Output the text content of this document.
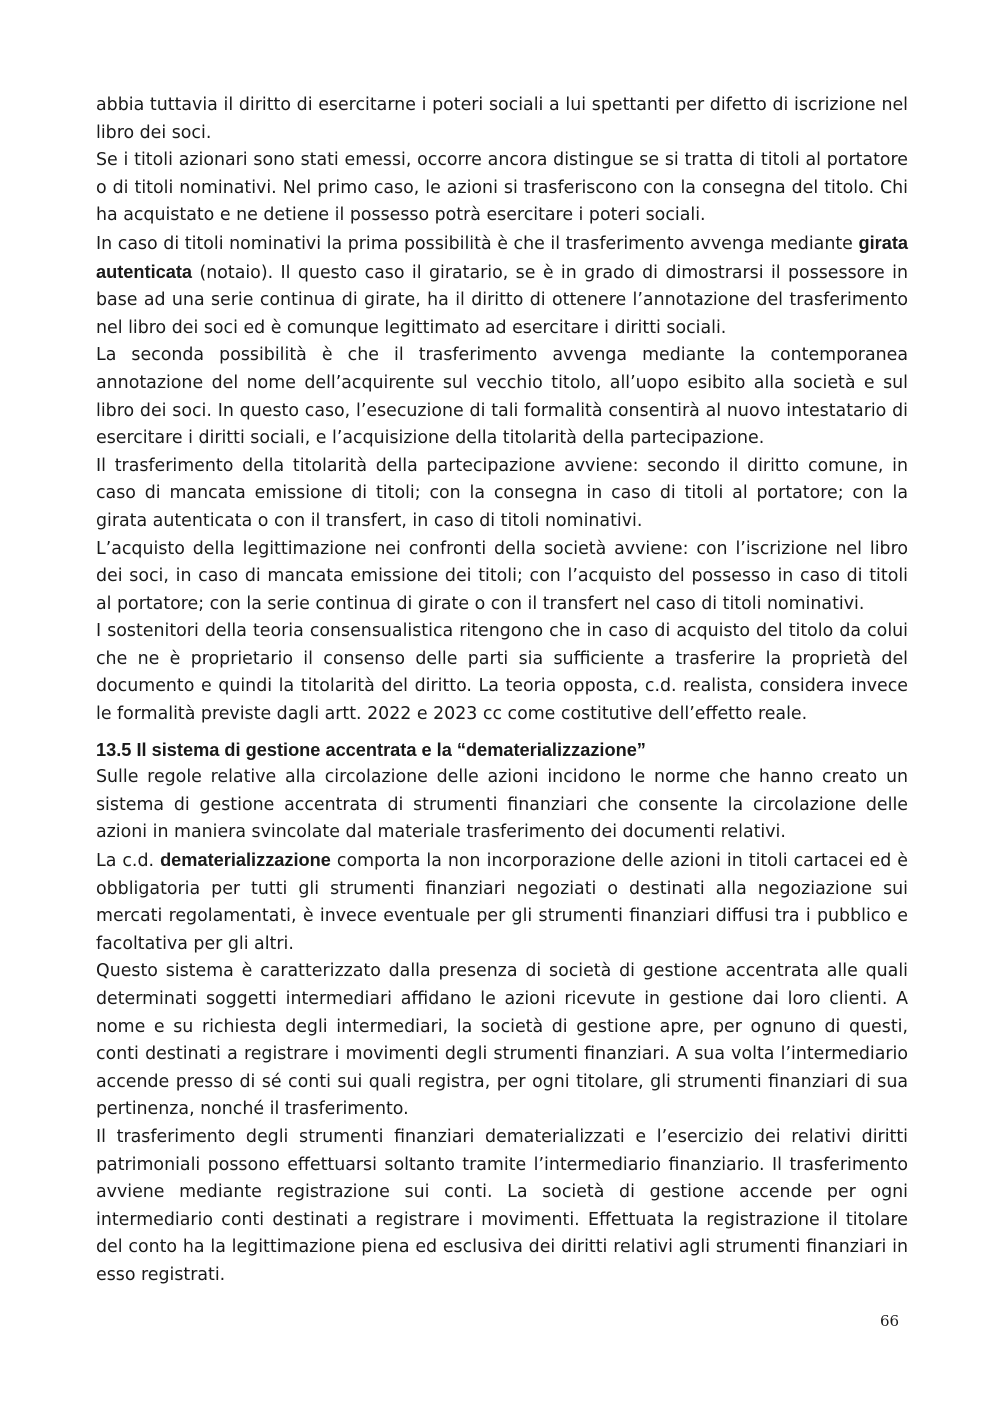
abbia tuttavia il diritto di esercitarne i poteri sociali a lui spettanti per difetto di iscrizione nel libro dei soci.

Se i titoli azionari sono stati emessi, occorre ancora distingue se si tratta di titoli al portatore o di titoli nominativi. Nel primo caso, le azioni si trasferiscono con la consegna del titolo. Chi ha acquistato e ne detiene il possesso potrà esercitare i poteri sociali.

In caso di titoli nominativi la prima possibilità è che il trasferimento avvenga mediante girata autenticata (notaio). Il questo caso il giratario, se è in grado di dimostrarsi il possessore in base ad una serie continua di girate, ha il diritto di ottenere l’annotazione del trasferimento nel libro dei soci ed è comunque legittimato ad esercitare i diritti sociali.

La seconda possibilità è che il trasferimento avvenga mediante la contemporanea annotazione del nome dell’acquirente sul vecchio titolo, all’uopo esibito alla società e sul libro dei soci. In questo caso, l’esecuzione di tali formalità consentirà al nuovo intestatario di esercitare i diritti sociali, e l’acquisizione della titolarità della partecipazione.

Il trasferimento della titolarità della partecipazione avviene: secondo il diritto comune, in caso di mancata emissione di titoli; con la consegna in caso di titoli al portatore; con la girata autenticata o con il transfert, in caso di titoli nominativi.

L’acquisto della legittimazione nei confronti della società avviene: con l’iscrizione nel libro dei soci, in caso di mancata emissione dei titoli; con l’acquisto del possesso in caso di titoli al portatore; con la serie continua di girate o con il transfert nel caso di titoli nominativi.

I sostenitori della teoria consensualistica ritengono che in caso di acquisto del titolo da colui che ne è proprietario il consenso delle parti sia sufficiente a trasferire la proprietà del documento e quindi la titolarità del diritto. La teoria opposta, c.d. realista, considera invece le formalità previste dagli artt. 2022 e 2023 cc come costitutive dell’effetto reale.

13.5 Il sistema di gestione accentrata e la “dematerializzazione”

Sulle regole relative alla circolazione delle azioni incidono le norme che hanno creato un sistema di gestione accentrata di strumenti finanziari che consente la circolazione delle azioni in maniera svincolate dal materiale trasferimento dei documenti relativi.

La c.d. dematerializzazione comporta la non incorporazione delle azioni in titoli cartacei ed è obbligatoria per tutti gli strumenti finanziari negoziati o destinati alla negoziazione sui mercati regolamentati, è invece eventuale per gli strumenti finanziari diffusi tra i pubblico e facoltativa per gli altri.

Questo sistema è caratterizzato dalla presenza di società di gestione accentrata alle quali determinati soggetti intermediari affidano le azioni ricevute in gestione dai loro clienti. A nome e su richiesta degli intermediari, la società di gestione apre, per ognuno di questi, conti destinati a registrare i movimenti degli strumenti finanziari. A sua volta l’intermediario accende presso di sé conti sui quali registra, per ogni titolare, gli strumenti finanziari di sua pertinenza, nonché il trasferimento.

Il trasferimento degli strumenti finanziari dematerializzati e l’esercizio dei relativi diritti patrimoniali possono effettuarsi soltanto tramite l’intermediario finanziario. Il trasferimento avviene mediante registrazione sui conti. La società di gestione accende per ogni intermediario conti destinati a registrare i movimenti. Effettuata la registrazione il titolare del conto ha la legittimazione piena ed esclusiva dei diritti relativi agli strumenti finanziari in esso registrati.

66
